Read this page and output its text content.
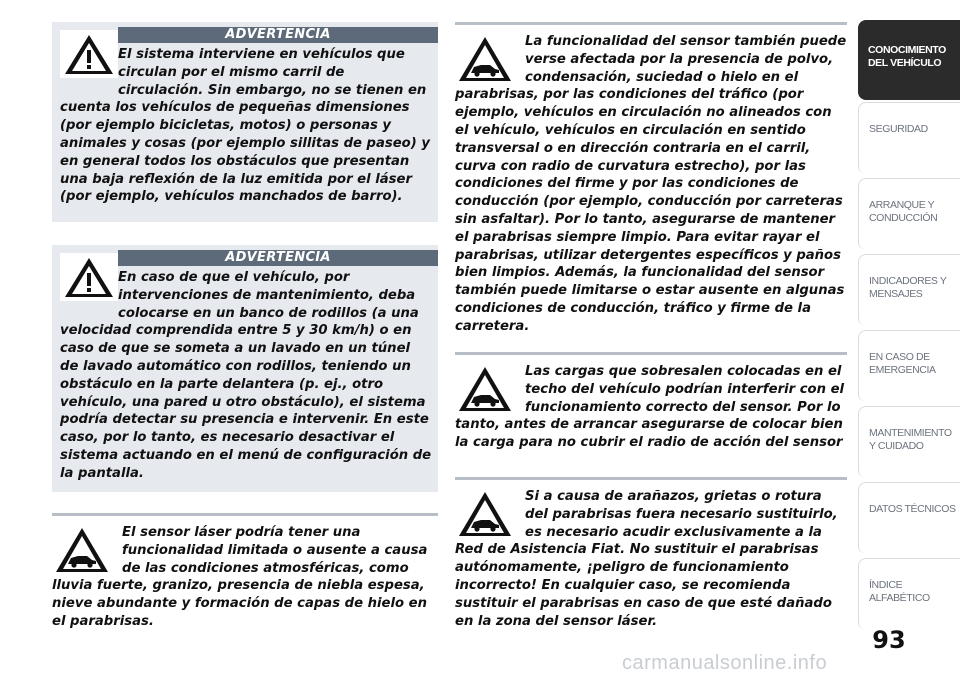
ADVERTENCIA
El sistema interviene en vehículos que circulan por el mismo carril de circulación. Sin embargo, no se tienen en cuenta los vehículos de pequeñas dimensiones (por ejemplo bicicletas, motos) o personas y animales y cosas (por ejemplo sillitas de paseo) y en general todos los obstáculos que presentan una baja reflexión de la luz emitida por el láser (por ejemplo, vehículos manchados de barro).
ADVERTENCIA
En caso de que el vehículo, por intervenciones de mantenimiento, deba colocarse en un banco de rodillos (a una velocidad comprendida entre 5 y 30 km/h) o en caso de que se someta a un lavado en un túnel de lavado automático con rodillos, teniendo un obstáculo en la parte delantera (p. ej., otro vehículo, una pared u otro obstáculo), el sistema podría detectar su presencia e intervenir. En este caso, por lo tanto, es necesario desactivar el sistema actuando en el menú de configuración de la pantalla.
El sensor láser podría tener una funcionalidad limitada o ausente a causa de las condiciones atmosféricas, como lluvia fuerte, granizo, presencia de niebla espesa, nieve abundante y formación de capas de hielo en el parabrisas.
La funcionalidad del sensor también puede verse afectada por la presencia de polvo, condensación, suciedad o hielo en el parabrisas, por las condiciones del tráfico (por ejemplo, vehículos en circulación no alineados con el vehículo, vehículos en circulación en sentido transversal o en dirección contraria en el carril, curva con radio de curvatura estrecho), por las condiciones del firme y por las condiciones de conducción (por ejemplo, conducción por carreteras sin asfaltar). Por lo tanto, asegurarse de mantener el parabrisas siempre limpio. Para evitar rayar el parabrisas, utilizar detergentes específicos y paños bien limpios. Además, la funcionalidad del sensor también puede limitarse o estar ausente en algunas condiciones de conducción, tráfico y firme de la carretera.
Las cargas que sobresalen colocadas en el techo del vehículo podrían interferir con el funcionamiento correcto del sensor. Por lo tanto, antes de arrancar asegurarse de colocar bien la carga para no cubrir el radio de acción del sensor
Si a causa de arañazos, grietas o rotura del parabrisas fuera necesario sustituirlo, es necesario acudir exclusivamente a la Red de Asistencia Fiat. No sustituir el parabrisas autónomamente, ¡peligro de funcionamiento incorrecto! En cualquier caso, se recomienda sustituir el parabrisas en caso de que esté dañado en la zona del sensor láser.
CONOCIMIENTO DEL VEHÍCULO
SEGURIDAD
ARRANQUE Y CONDUCCIÓN
INDICADORES Y MENSAJES
EN CASO DE EMERGENCIA
MANTENIMIENTO Y CUIDADO
DATOS TÉCNICOS
ÍNDICE ALFABÉTICO
93
carmanualsonline.info
